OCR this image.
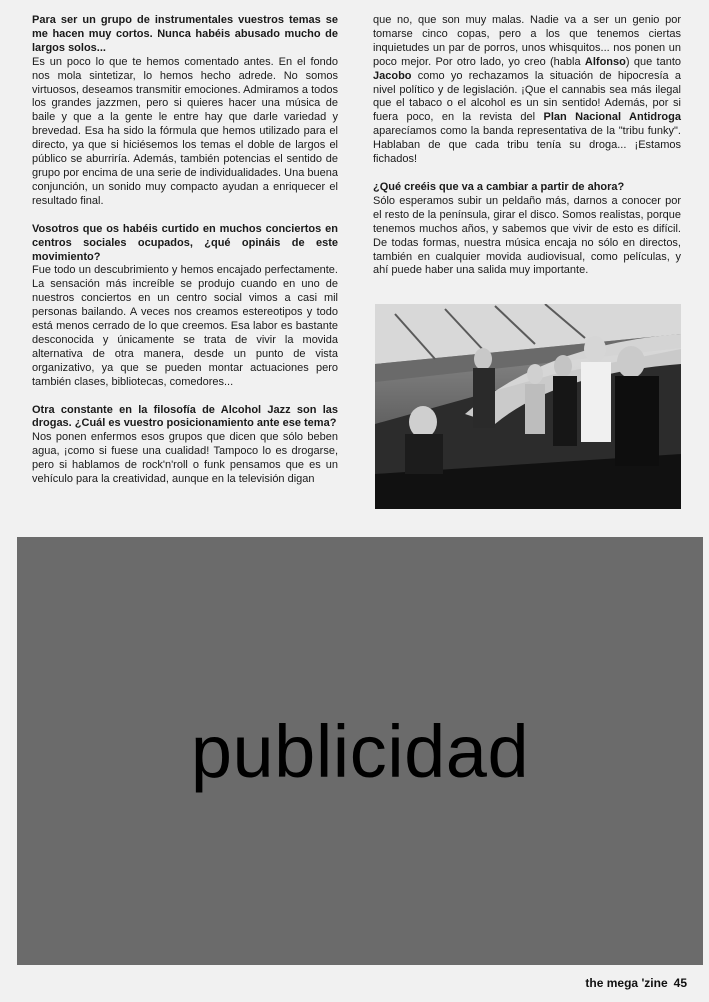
Para ser un grupo de instrumentales vuestros temas se me hacen muy cortos. Nunca habéis abusado mucho de largos solos...

Es un poco lo que te hemos comentado antes. En el fondo nos mola sintetizar, lo hemos hecho adrede. No somos virtuosos, deseamos transmitir emociones. Admiramos a todos los grandes jazzmen, pero si quieres hacer una música de baile y que a la gente le entre hay que darle variedad y brevedad. Esa ha sido la fórmula que hemos utilizado para el directo, ya que si hiciésemos los temas el doble de largos el público se aburriría. Además, también potencias el sentido de grupo por encima de una serie de individualidades. Una buena conjunción, un sonido muy compacto ayudan a enriquecer el resultado final.

Vosotros que os habéis curtido en muchos conciertos en centros sociales ocupados, ¿qué opináis de este movimiento?

Fue todo un descubrimiento y hemos encajado perfectamente. La sensación más increíble se produjo cuando en uno de nuestros conciertos en un centro social vimos a casi mil personas bailando. A veces nos creamos estereotipos y todo está menos cerrado de lo que creemos. Esa labor es bastante desconocida y únicamente se trata de vivir la movida alternativa de otra manera, desde un punto de vista organizativo, ya que se pueden montar actuaciones pero también clases, bibliotecas, comedores...

Otra constante en la filosofía de Alcohol Jazz son las drogas. ¿Cuál es vuestro posicionamiento ante ese tema?

Nos ponen enfermos esos grupos que dicen que sólo beben agua, ¡como si fuese una cualidad! Tampoco lo es drogarse, pero si hablamos de rock'n'roll o funk pensamos que es un vehículo para la creatividad, aunque en la televisión digan

que no, que son muy malas. Nadie va a ser un genio por tomarse cinco copas, pero a los que tenemos ciertas inquietudes un par de porros, unos whisquitos... nos ponen un poco mejor. Por otro lado, yo creo (habla Alfonso) que tanto Jacobo como yo rechazamos la situación de hipocresía a nivel político y de legislación. ¡Que el cannabis sea más ilegal que el tabaco o el alcohol es un sin sentido! Además, por si fuera poco, en la revista del Plan Nacional Antidroga aparecíamos como la banda representativa de la "tribu funky". Hablaban de que cada tribu tenía su droga... ¡Estamos fichados!

¿Qué creéis que va a cambiar a partir de ahora?

Sólo esperamos subir un peldaño más, darnos a conocer por el resto de la península, girar el disco. Somos realistas, porque tenemos muchos años, y sabemos que vivir de esto es difícil. De todas formas, nuestra música encaja no sólo en directos, también en cualquier movida audiovisual, como películas, y ahí puede haber una salida muy importante.

publicidad
the mega 'zine 45
